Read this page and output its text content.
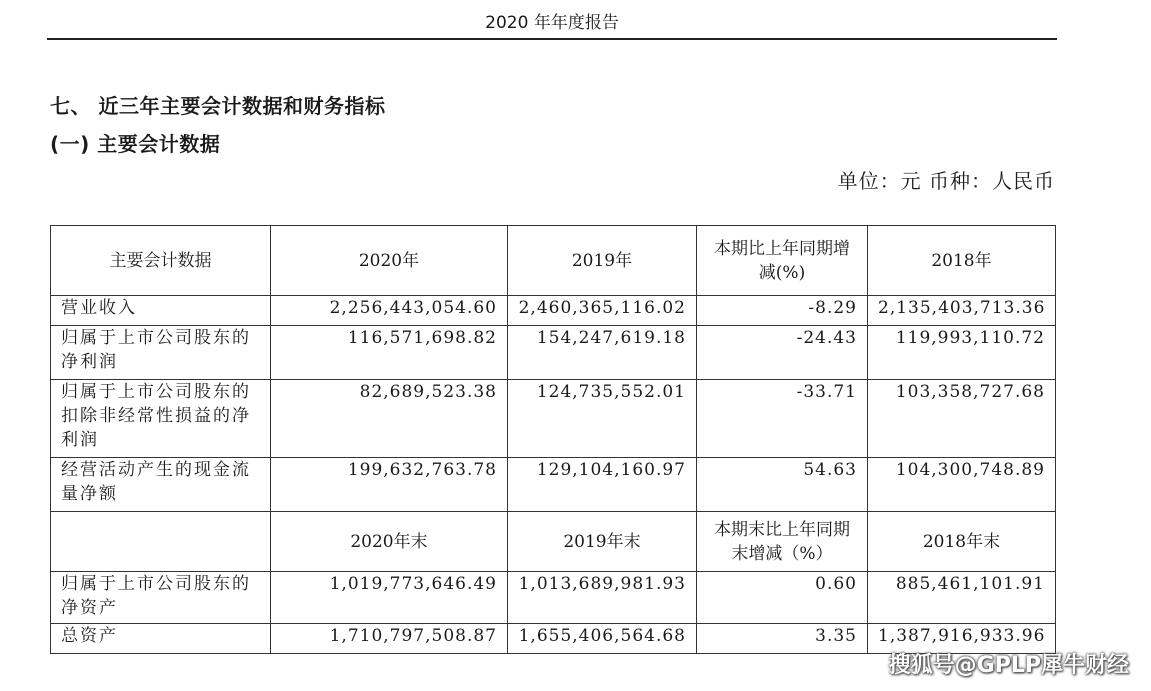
2020 年年度报告
七、 近三年主要会计数据和财务指标
(一) 主要会计数据
单位：元 币种：人民币
主要会计数据	2020年	2019年	本期比上年同期增减(%)	2018年
营业收入	2,256,443,054.60	2,460,365,116.02	-8.29	2,135,403,713.36
归属于上市公司股东的净利润	116,571,698.82	154,247,619.18	-24.43	119,993,110.72
归属于上市公司股东的扣除非经常性损益的净利润	82,689,523.38	124,735,552.01	-33.71	103,358,727.68
经营活动产生的现金流量净额	199,632,763.78	129,104,160.97	54.63	104,300,748.89
	2020年末	2019年末	本期末比上年同期末增减（%）	2018年末
归属于上市公司股东的净资产	1,019,773,646.49	1,013,689,981.93	0.60	885,461,101.91
总资产	1,710,797,508.87	1,655,406,564.68	3.35	1,387,916,933.96
搜狐号@GPLP犀牛财经
